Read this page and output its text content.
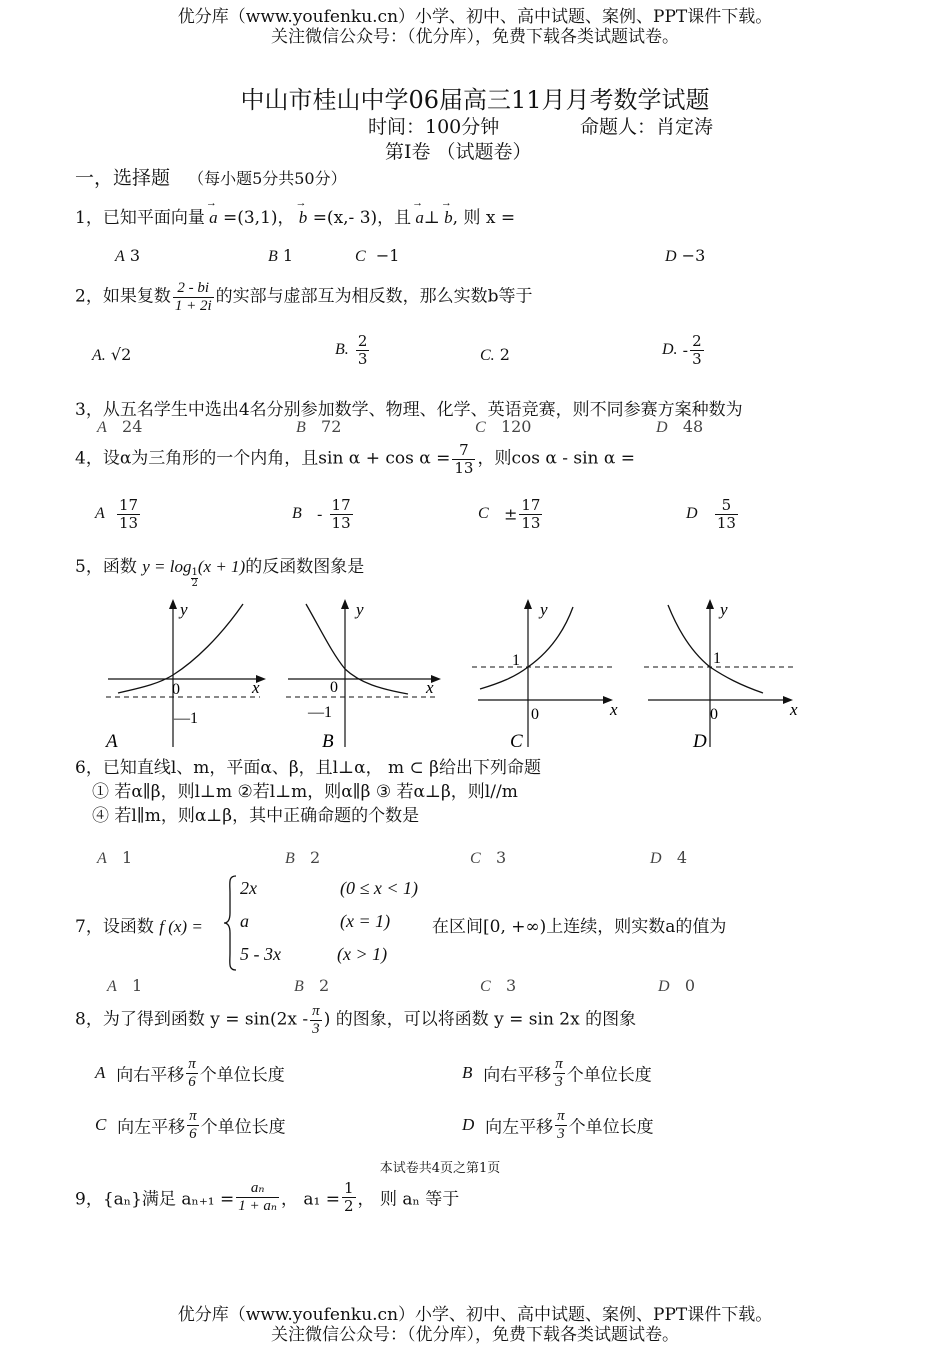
优分库（www.youfenku.cn）小学、初中、高中试题、案例、PPT课件下载。
关注微信公众号：（优分库），免费下载各类试题试卷。
中山市桂山中学06届高三11月月考数学试题
时间：100分钟	命题人：肖定涛
第Ⅰ卷 （试题卷）
一，选择题 （每小题5分共50分）
1，已知平面向量
→
a =(3,1)，
→
b =(x,- 3)，且
→
a⊥
→
b, 则 x =
A 3	B 1	C −1	D −3
2，如果复数 $\frac{2 - bi}{1 + 2i}$ 的实部与虚部互为相反数，那么实数b等于
A. √2	B. $\frac{2}{3}$	C. 2	D. - $\frac{2}{3}$
3，从五名学生中选出4名分别参加数学、物理、化学、英语竞赛，则不同参赛方案种数为
A 24	B 72	C 120	D 48
4，设α为三角形的一个内角，且$\sin \alpha + \cos \alpha = \frac{7}{13}$ ，则cos α - sin α =
A $\frac{17}{13}$	B - $\frac{17}{13}$	$C \pm \frac{17}{13}$	D $\frac{5}{13}$
5，函数 y = log
$\frac{1}{2}$
(x + 1)的反函数图象是
y
x
0
—1
A
y
x
0
—1
B
y
x
0
1
C
y
x
0
1
D
6，已知直线l、m，平面α、β，且l⊥α， m ⊂ β给出下列命题
① 若α∥β，则l⊥m ②若l⊥m，则α∥β ③ 若α⊥β，则l//m
④ 若l∥m，则α⊥β，其中正确命题的个数是
A 1	B 2	C 3	D 4
7，设函数 f (x) =
2x	(0 ≤ x < 1)
a	(x = 1)
5 - 3x	(x > 1)
在区间[0, +∞)上连续，则实数a的值为
A 1	B 2	C 3	D 0
8，为了得到函数 $y = \sin(2x - \frac{\pi}{3}$ ) 的图象，可以将函数 y = sin 2x 的图象
A 向右平移 $\frac{\pi}{6}$ 个单位长度	B 向右平移 $\frac{\pi}{3}$ 个单位长度
C 向左平移 $\frac{\pi}{6}$ 个单位长度	D 向左平移 $\frac{\pi}{3}$ 个单位长度
本试卷共4页之第1页
9，{aₙ}满足 $a_{n+1} = \frac{\text{aₙ}}{\text{1 + aₙ}}$ ， $a_1 = \frac{1}{2}$ ， 则 aₙ 等于
优分库（www.youfenku.cn）小学、初中、高中试题、案例、PPT课件下载。
关注微信公众号：（优分库），免费下载各类试题试卷。
